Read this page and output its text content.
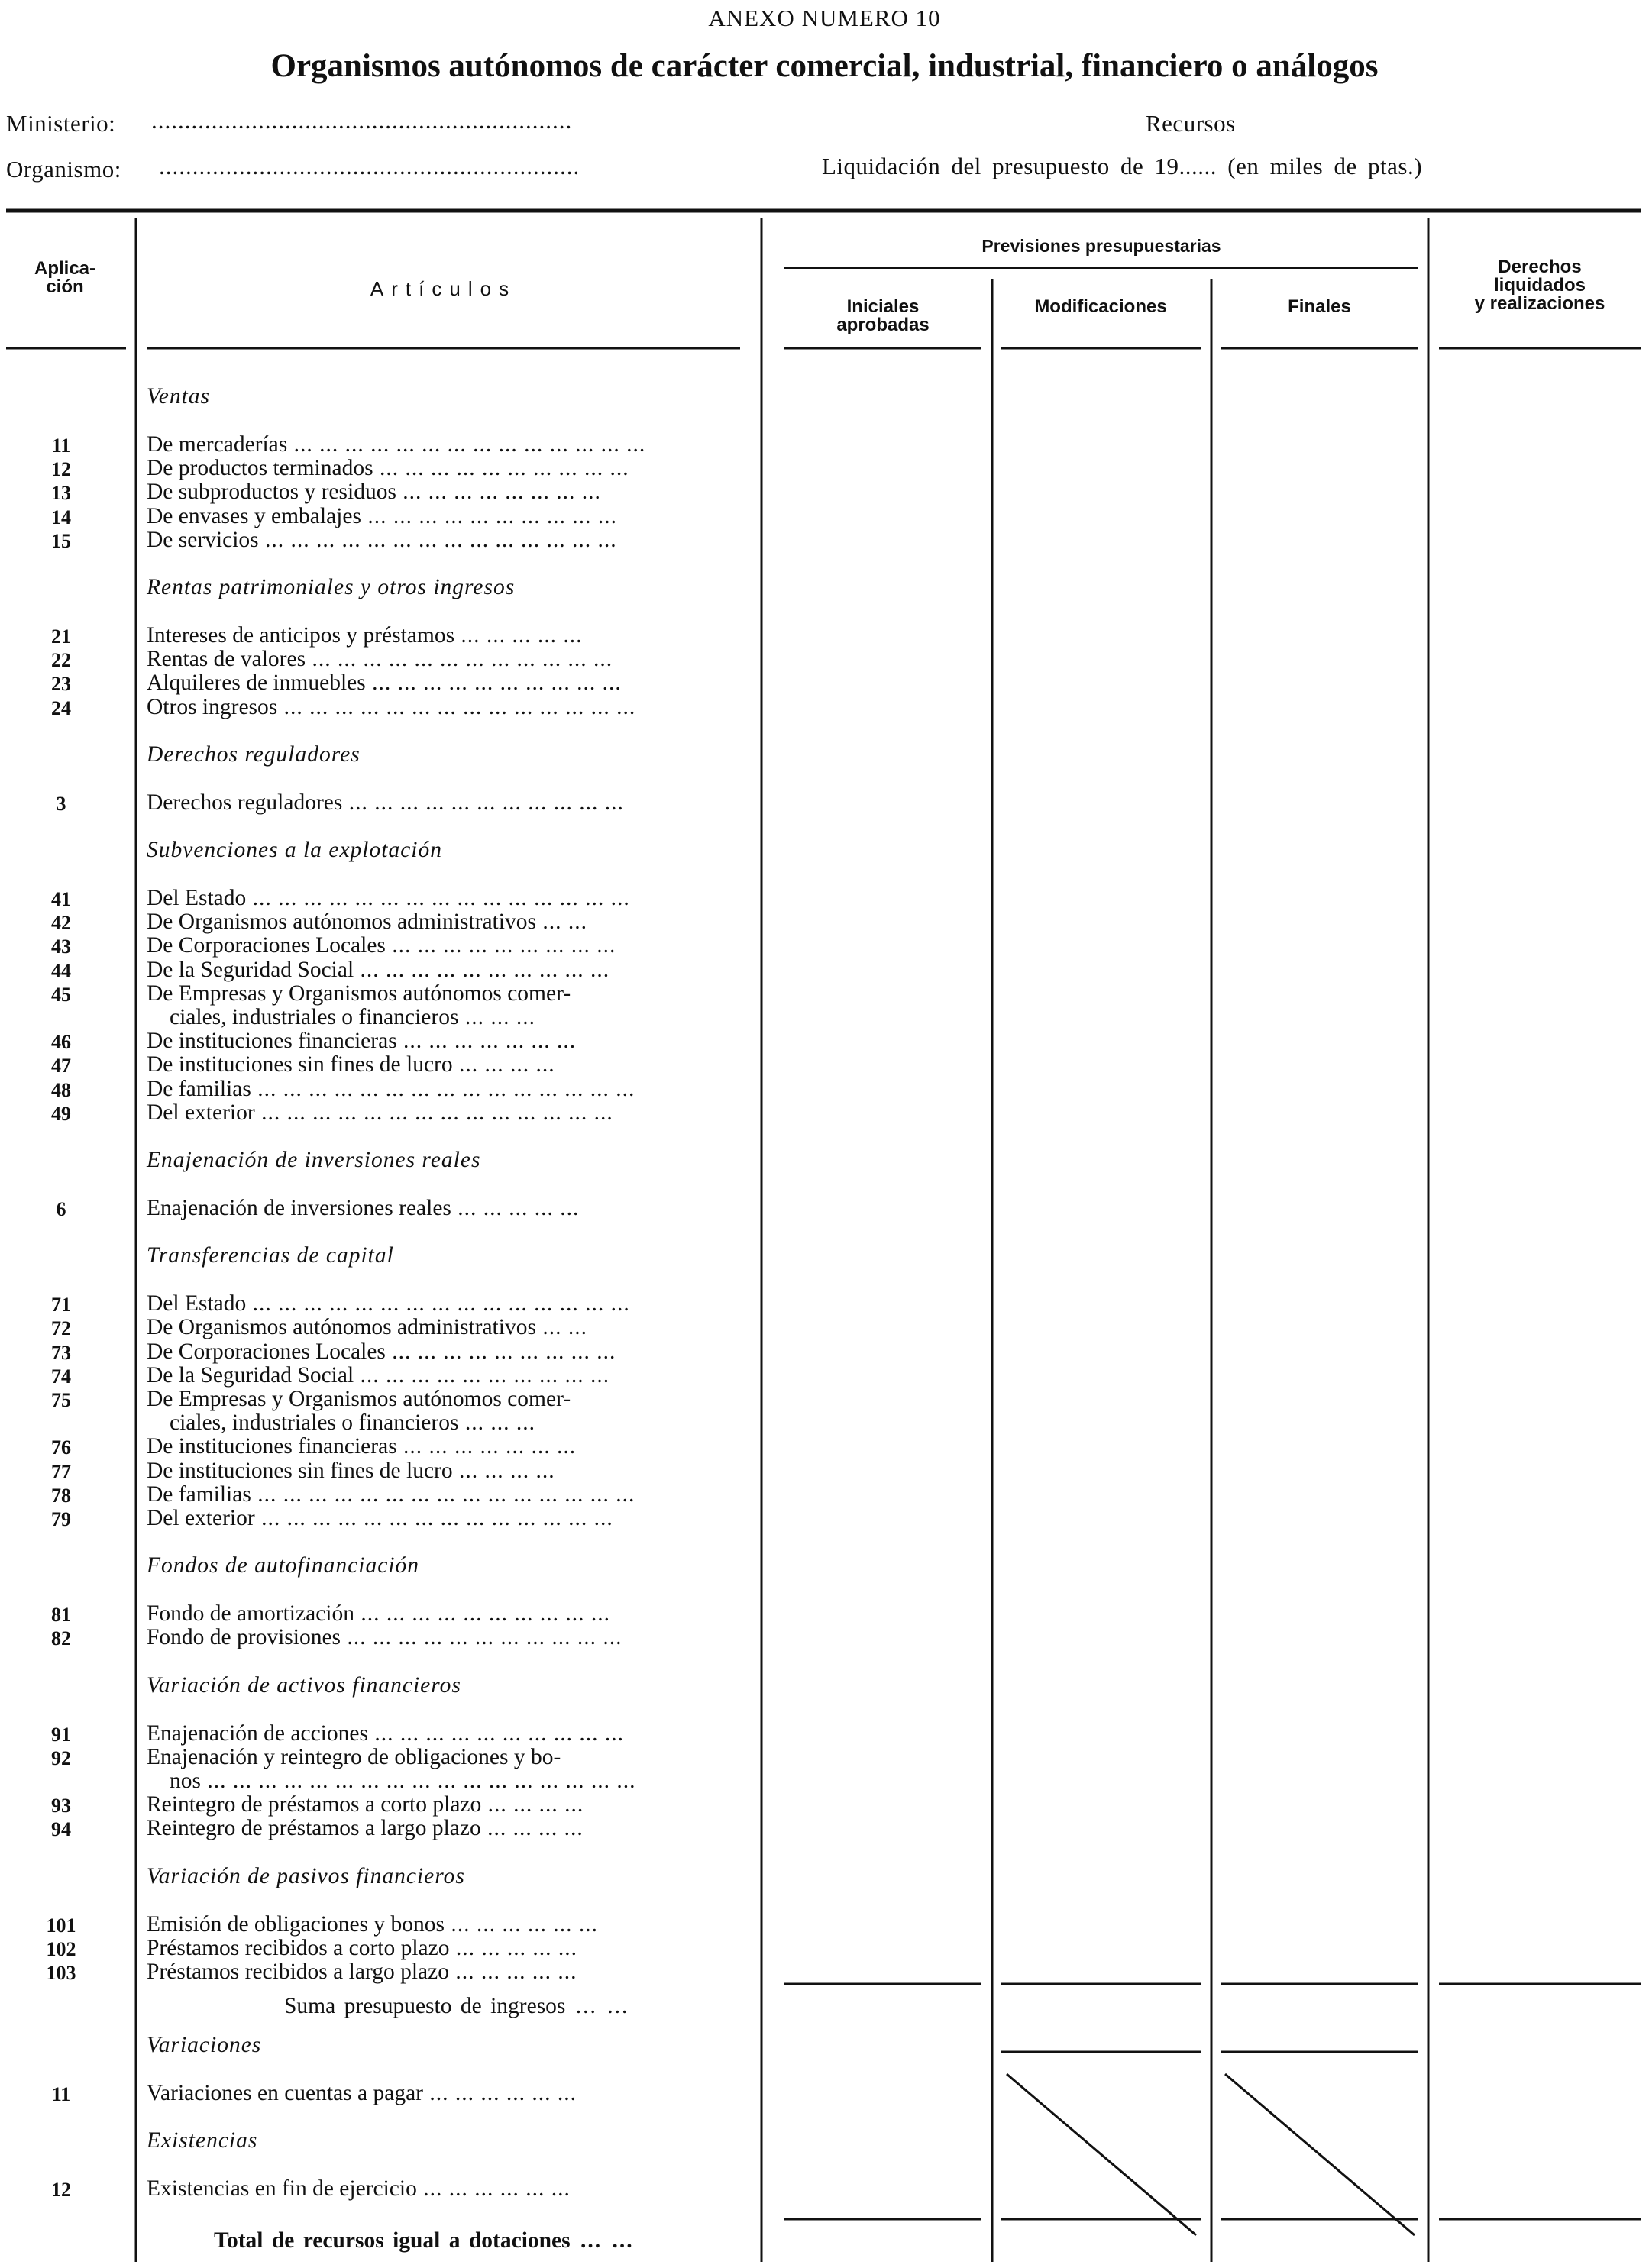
ANEXO NUMERO 10
Organismos autónomos de carácter comercial, industrial, financiero o análogos
Ministerio: ...............................................................
Organismo: ...............................................................
Recursos
Liquidación del presupuesto de 19...... (en miles de ptas.)
Aplica-
ción	Artículos
Previsiones presupuestarias
Iniciales
aprobadas
Modificaciones	Finales
Derechos
liquidados
y realizaciones
Ventas
11	De mercaderías ... ... ... ... ... ... ... ... ... ... ... ... ... ...
12	De productos terminados ... ... ... ... ... ... ... ... ... ...
13	De subproductos y residuos ... ... ... ... ... ... ... ...
14	De envases y embalajes ... ... ... ... ... ... ... ... ... ...
15	De servicios ... ... ... ... ... ... ... ... ... ... ... ... ... ...
Rentas patrimoniales y otros ingresos
21	Intereses de anticipos y préstamos ... ... ... ... ...
22	Rentas de valores ... ... ... ... ... ... ... ... ... ... ... ...
23	Alquileres de inmuebles ... ... ... ... ... ... ... ... ... ...
24	Otros ingresos ... ... ... ... ... ... ... ... ... ... ... ... ... ...
Derechos reguladores
3	Derechos reguladores ... ... ... ... ... ... ... ... ... ... ...
Subvenciones a la explotación
41	Del Estado ... ... ... ... ... ... ... ... ... ... ... ... ... ... ...
42	De Organismos autónomos administrativos ... ...
43	De Corporaciones Locales ... ... ... ... ... ... ... ... ...
44	De la Seguridad Social ... ... ... ... ... ... ... ... ... ...
45	De Empresas y Organismos autónomos comer-
ciales, industriales o financieros ... ... ...
46	De instituciones financieras ... ... ... ... ... ... ...
47	De instituciones sin fines de lucro ... ... ... ...
48	De familias ... ... ... ... ... ... ... ... ... ... ... ... ... ... ...
49	Del exterior ... ... ... ... ... ... ... ... ... ... ... ... ... ...
Enajenación de inversiones reales
6	Enajenación de inversiones reales ... ... ... ... ...
Transferencias de capital
71	Del Estado ... ... ... ... ... ... ... ... ... ... ... ... ... ... ...
72	De Organismos autónomos administrativos ... ...
73	De Corporaciones Locales ... ... ... ... ... ... ... ... ...
74	De la Seguridad Social ... ... ... ... ... ... ... ... ... ...
75	De Empresas y Organismos autónomos comer-
ciales, industriales o financieros ... ... ...
76	De instituciones financieras ... ... ... ... ... ... ...
77	De instituciones sin fines de lucro ... ... ... ...
78	De familias ... ... ... ... ... ... ... ... ... ... ... ... ... ... ...
79	Del exterior ... ... ... ... ... ... ... ... ... ... ... ... ... ...
Fondos de autofinanciación
81	Fondo de amortización ... ... ... ... ... ... ... ... ... ...
82	Fondo de provisiones ... ... ... ... ... ... ... ... ... ... ...
Variación de activos financieros
91	Enajenación de acciones ... ... ... ... ... ... ... ... ... ...
92	Enajenación y reintegro de obligaciones y bo-
nos ... ... ... ... ... ... ... ... ... ... ... ... ... ... ... ... ...
93	Reintegro de préstamos a corto plazo ... ... ... ...
94	Reintegro de préstamos a largo plazo ... ... ... ...
Variación de pasivos financieros
101	Emisión de obligaciones y bonos ... ... ... ... ... ...
102	Préstamos recibidos a corto plazo ... ... ... ... ...
103	Préstamos recibidos a largo plazo ... ... ... ... ...
Variaciones
11	Variaciones en cuentas a pagar ... ... ... ... ... ...
Existencias
12	Existencias en fin de ejercicio ... ... ... ... ... ...
Suma presupuesto de ingresos ... ...
Total de recursos igual a dotaciones ... ...
